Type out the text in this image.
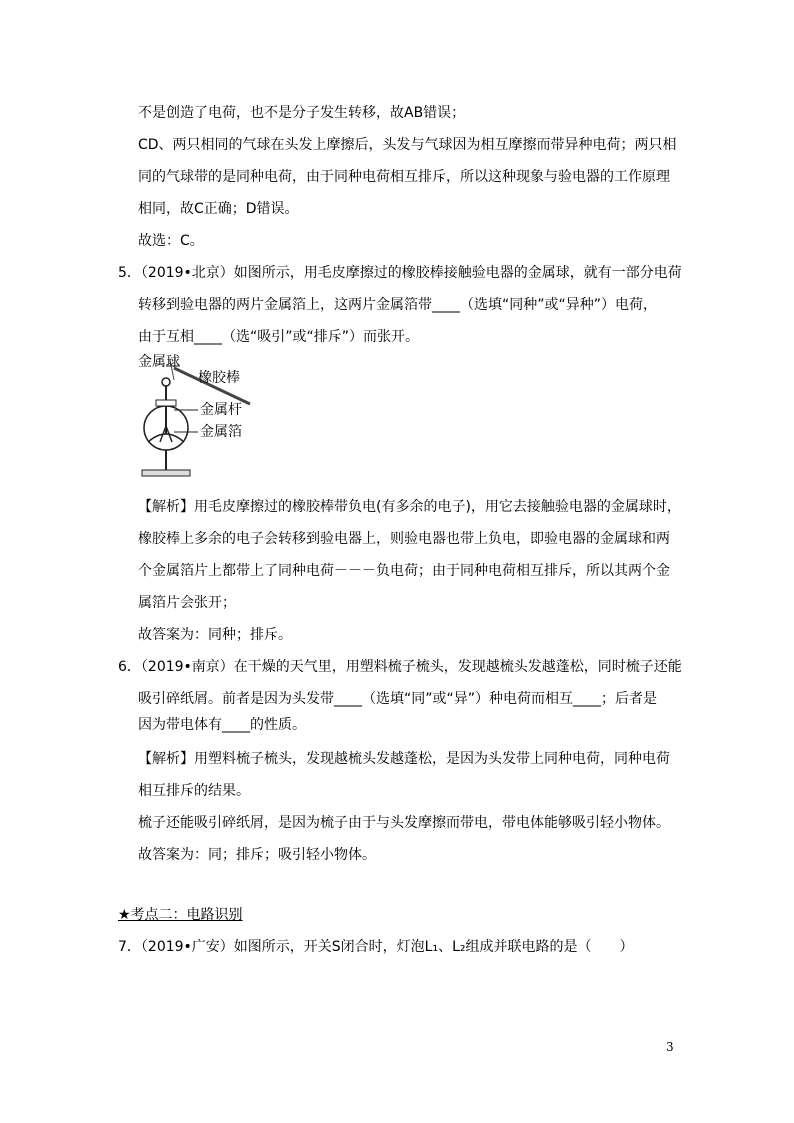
不是创造了电荷，也不是分子发生转移，故AB错误；
CD、两只相同的气球在头发上摩擦后，头发与气球因为相互摩擦而带异种电荷；两只相
同的气球带的是同种电荷，由于同种电荷相互排斥，所以这种现象与验电器的工作原理
相同，故C正确；D错误。
故选：C。
5．（2019•北京）如图所示，用毛皮摩擦过的橡胶棒接触验电器的金属球，就有一部分电荷
转移到验电器的两片金属箔上，这两片金属箔带____（选填“同种”或“异种”）电荷，
由于互相____（选“吸引”或“排斥”）而张开。
金属球
橡胶棒
金属杆
金属箔
【解析】用毛皮摩擦过的橡胶棒带负电(有多余的电子)，用它去接触验电器的金属球时，
橡胶棒上多余的电子会转移到验电器上，则验电器也带上负电，即验电器的金属球和两
个金属箔片上都带上了同种电荷－－－负电荷；由于同种电荷相互排斥，所以其两个金
属箔片会张开；
故答案为：同种；排斥。
6．（2019•南京）在干燥的天气里，用塑料梳子梳头，发现越梳头发越蓬松，同时梳子还能
吸引碎纸屑。前者是因为头发带____（选填“同”或“异”）种电荷而相互____；后者是
因为带电体有____的性质。
【解析】用塑料梳子梳头，发现越梳头发越蓬松，是因为头发带上同种电荷，同种电荷
相互排斥的结果。
梳子还能吸引碎纸屑，是因为梳子由于与头发摩擦而带电，带电体能够吸引轻小物体。
故答案为：同；排斥；吸引轻小物体。
★考点二：电路识别
7．（2019•广安）如图所示，开关S闭合时，灯泡L₁、L₂组成并联电路的是（　　）
3
